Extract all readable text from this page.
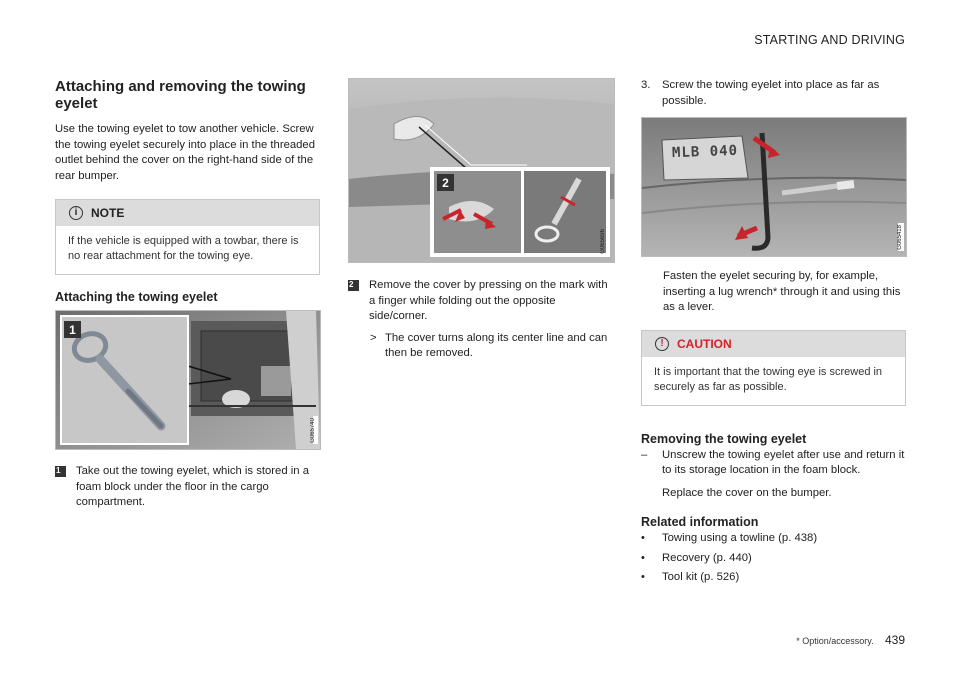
STARTING AND DRIVING
Attaching and removing the towing eyelet

Use the towing eyelet to tow another vehicle. Screw the towing eyelet securely into place in the threaded outlet behind the cover on the right-hand side of the rear bumper.

i	NOTE
If the vehicle is equipped with a towbar, there is no rear attachment for the towing eye.
Attaching the towing eyelet
1
G065740
1	Take out the towing eyelet, which is stored in a foam block under the floor in the cargo compartment.
2
G065696
2	Remove the cover by pressing on the mark with a finger while folding out the opposite side/corner.
> The cover turns along its center line and can then be removed.
3.	Screw the towing eyelet into place as far as possible.
MLB 040
G065418

Fasten the eyelet securing by, for example, inserting a lug wrench* through it and using this as a lever.

!	CAUTION
It is important that the towing eye is screwed in securely as far as possible.
Removing the towing eyelet
–	Unscrew the towing eyelet after use and return it to its storage location in the foam block.

Replace the cover on the bumper.

Related information
•	Towing using a towline (p. 438)
•	Recovery (p. 440)
•	Tool kit (p. 526)
* Option/accessory. 439
